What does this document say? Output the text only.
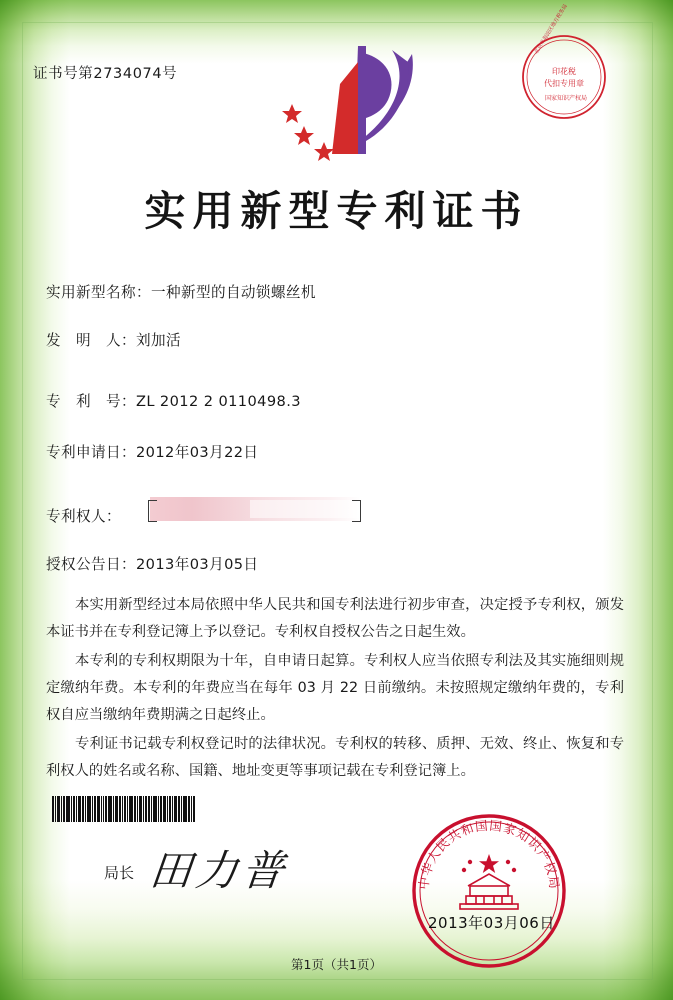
证书号第2734074号
北京市海淀区地方税务局
印花税
代扣专用章
国家知识产权局
实用新型专利证书
实用新型名称：一种新型的自动锁螺丝机
发　明　人：刘加活
专　利　号：ZL 2012 2 0110498.3
专利申请日：2012年03月22日
专利权人：
授权公告日：2013年03月05日

本实用新型经过本局依照中华人民共和国专利法进行初步审查，决定授予专利权，颁发本证书并在专利登记簿上予以登记。专利权自授权公告之日起生效。

本专利的专利权期限为十年，自申请日起算。专利权人应当依照专利法及其实施细则规定缴纳年费。本专利的年费应当在每年 03 月 22 日前缴纳。未按照规定缴纳年费的，专利权自应当缴纳年费期满之日起终止。

专利证书记载专利权登记时的法律状况。专利权的转移、质押、无效、终止、恢复和专利权人的姓名或名称、国籍、地址变更等事项记载在专利登记簿上。

局长 田力普	中华人民共和国国家知识产权局
2013年03月06日
第1页（共1页）
